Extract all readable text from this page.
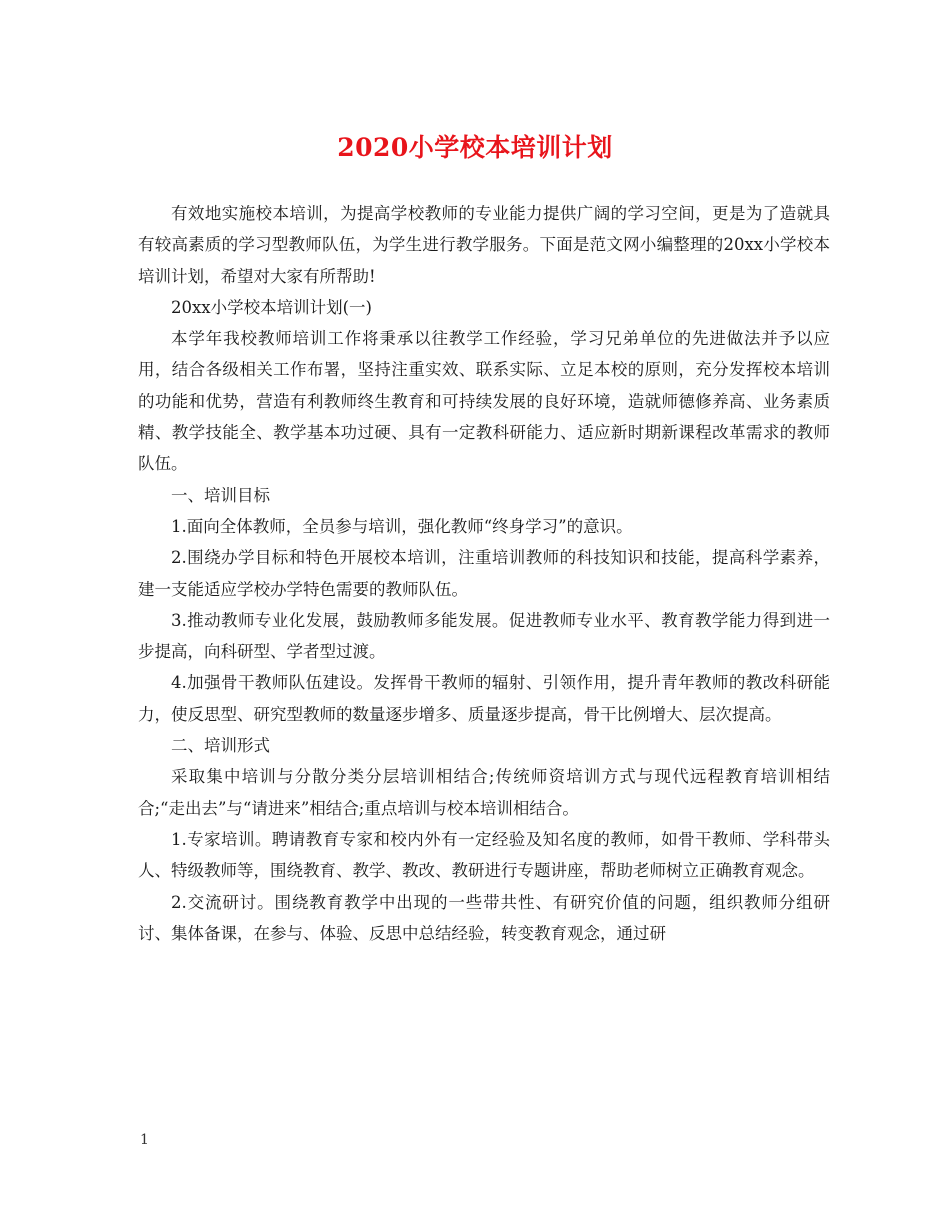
2020小学校本培训计划

有效地实施校本培训，为提高学校教师的专业能力提供广阔的学习空间，更是为了造就具有较高素质的学习型教师队伍，为学生进行教学服务。下面是范文网小编整理的20xx小学校本培训计划，希望对大家有所帮助!

20xx小学校本培训计划(一)

本学年我校教师培训工作将秉承以往教学工作经验，学习兄弟单位的先进做法并予以应用，结合各级相关工作布署，坚持注重实效、联系实际、立足本校的原则，充分发挥校本培训的功能和优势，营造有利教师终生教育和可持续发展的良好环境，造就师德修养高、业务素质精、教学技能全、教学基本功过硬、具有一定教科研能力、适应新时期新课程改革需求的教师队伍。

一、培训目标

1.面向全体教师，全员参与培训，强化教师“终身学习”的意识。

2.围绕办学目标和特色开展校本培训，注重培训教师的科技知识和技能，提高科学素养，建一支能适应学校办学特色需要的教师队伍。

3.推动教师专业化发展，鼓励教师多能发展。促进教师专业水平、教育教学能力得到进一步提高，向科研型、学者型过渡。

4.加强骨干教师队伍建设。发挥骨干教师的辐射、引领作用，提升青年教师的教改科研能力，使反思型、研究型教师的数量逐步增多、质量逐步提高，骨干比例增大、层次提高。

二、培训形式

采取集中培训与分散分类分层培训相结合;传统师资培训方式与现代远程教育培训相结合;“走出去”与“请进来”相结合;重点培训与校本培训相结合。

1.专家培训。聘请教育专家和校内外有一定经验及知名度的教师，如骨干教师、学科带头人、特级教师等，围绕教育、教学、教改、教研进行专题讲座，帮助老师树立正确教育观念。

2.交流研讨。围绕教育教学中出现的一些带共性、有研究价值的问题，组织教师分组研讨、集体备课，在参与、体验、反思中总结经验，转变教育观念，通过研

1
